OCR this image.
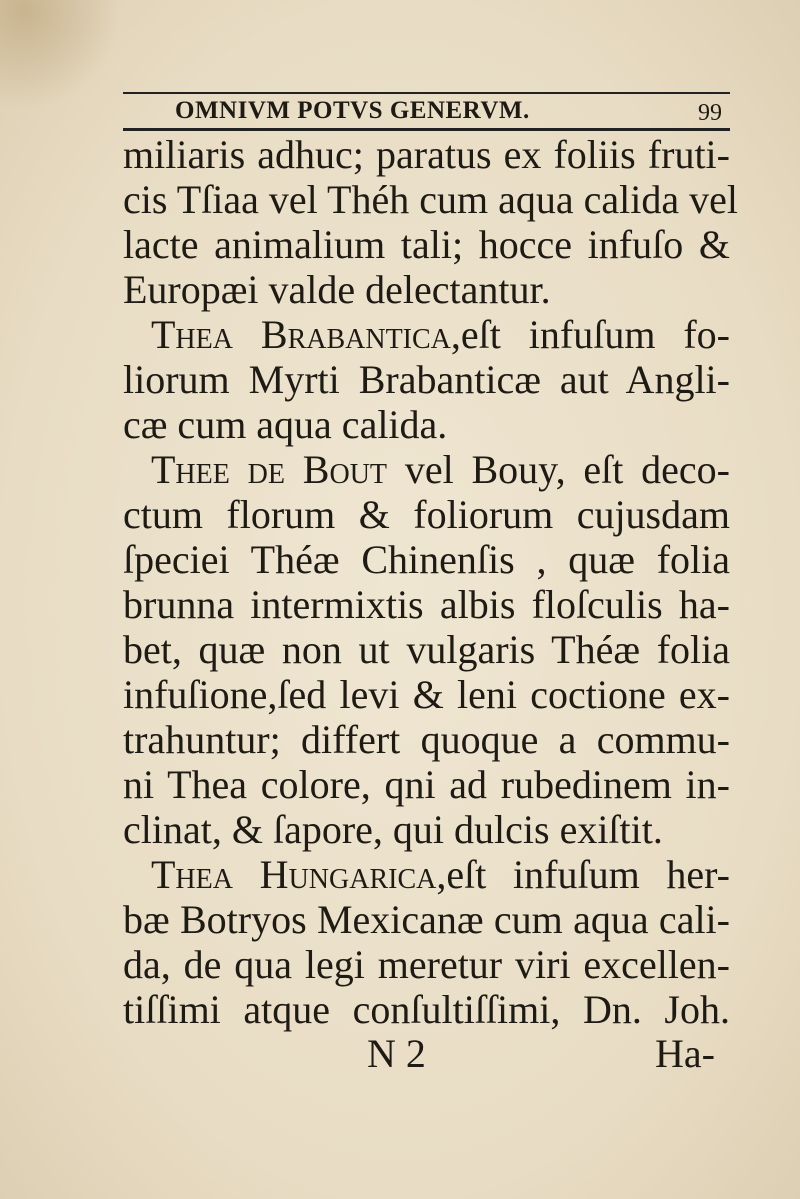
OMNIVM POTVS GENERVM.	99
miliaris adhuc; paratus ex foliis fruti-
cis Tſiaa vel Théh cum aqua calida vel
lacte animalium tali; hocce infuſo &
Europæi valde delectantur.
Thea Brabantica,eſt infuſum fo-
liorum Myrti Brabanticæ aut Angli-
cæ cum aqua calida.
Thee de Bout vel Bouy, eſt deco-
ctum florum & foliorum cujusdam
ſpeciei Théæ Chinenſis , quæ folia
brunna intermixtis albis floſculis ha-
bet, quæ non ut vulgaris Théæ folia
infuſione,ſed levi & leni coctione ex-
trahuntur; differt quoque a commu-
ni Thea colore, qni ad rubedinem in-
clinat, & ſapore, qui dulcis exiſtit.
Thea Hungarica,eſt infuſum her-
bæ Botryos Mexicanæ cum aqua cali-
da, de qua legi meretur viri excellen-
tiſſimi atque conſultiſſimi, Dn. Joh.
N 2	Ha-
